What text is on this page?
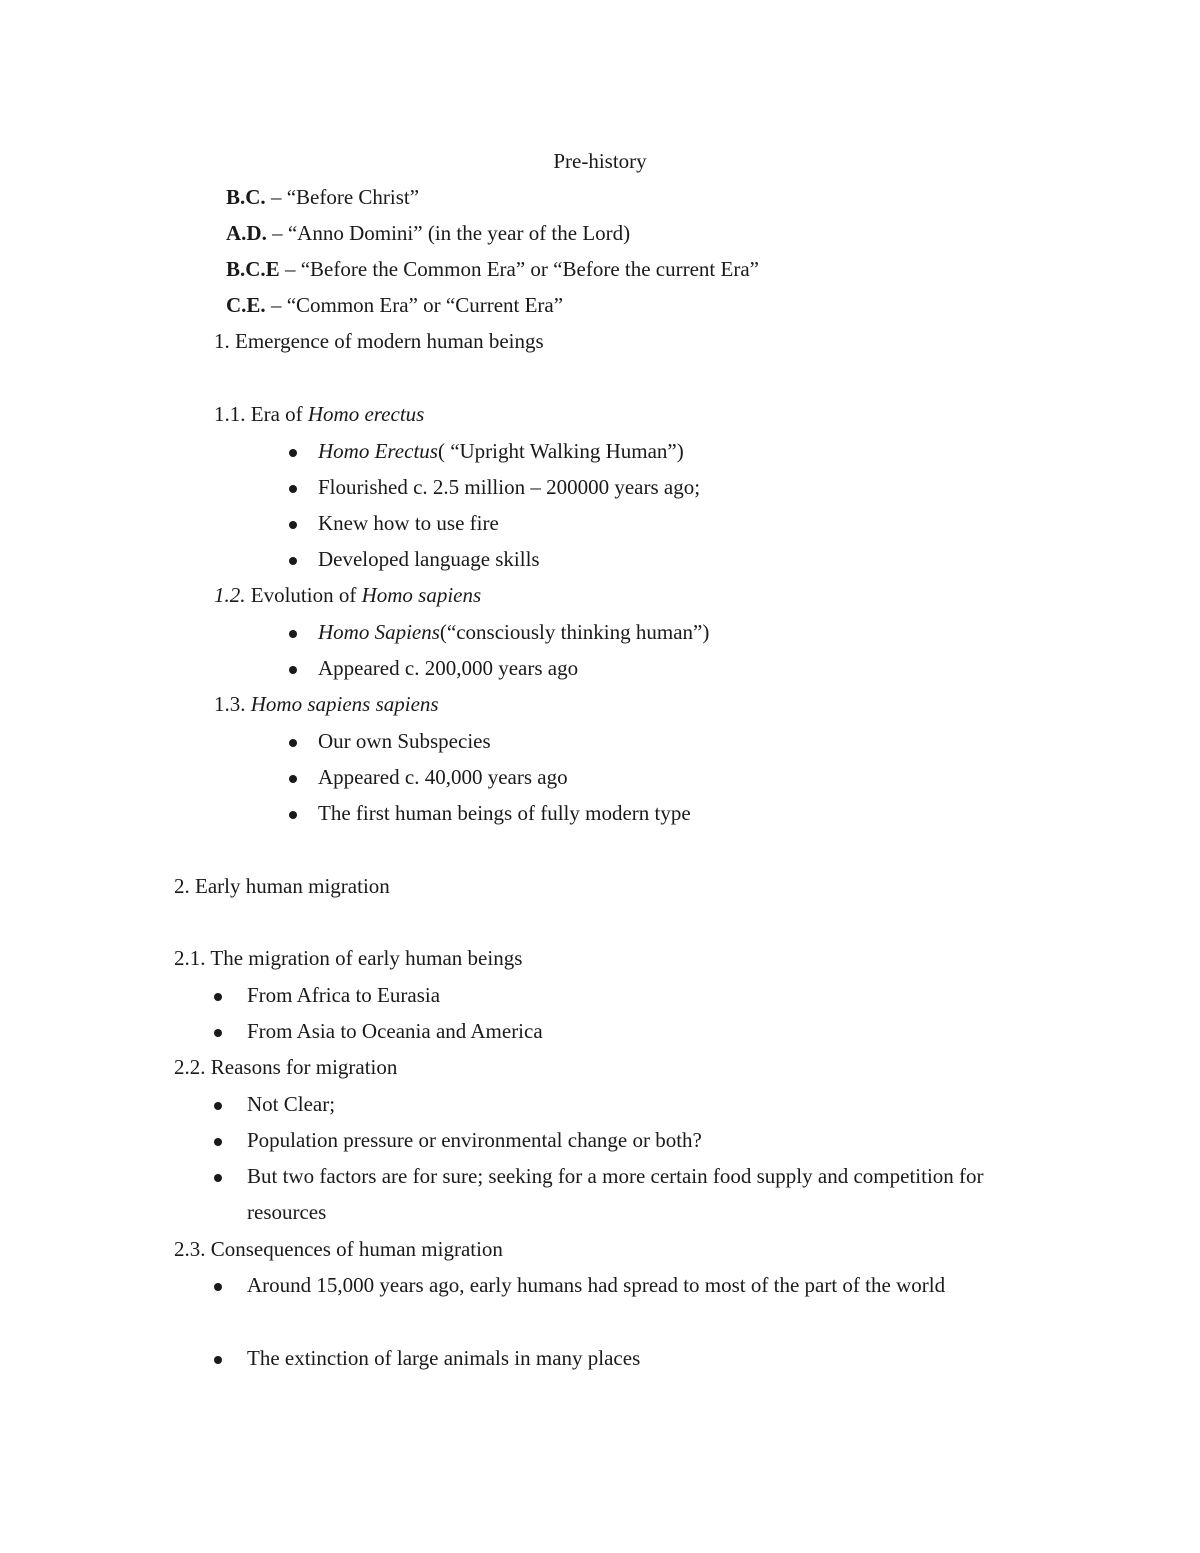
Pre-history
B.C. – “Before Christ”
A.D. – “Anno Domini” (in the year of the Lord)
B.C.E – “Before the Common Era” or “Before the current Era”
C.E. – “Common Era” or “Current Era”
1. Emergence of modern human beings
1.1. Era of Homo erectus
Homo Erectus( “Upright Walking Human”)
Flourished c. 2.5 million – 200000 years ago;
Knew how to use fire
Developed language skills
1.2. Evolution of Homo sapiens
Homo Sapiens(“consciously thinking human”)
Appeared c. 200,000 years ago
1.3. Homo sapiens sapiens
Our own Subspecies
Appeared c. 40,000 years ago
The first human beings of fully modern type
2. Early human migration
2.1. The migration of early human beings
From Africa to Eurasia
From Asia to Oceania and America
2.2. Reasons for migration
Not Clear;
Population pressure or environmental change or both?
But two factors are for sure; seeking for a more certain food supply and competition for resources
2.3. Consequences of human migration
Around 15,000 years ago, early humans had spread to most of the part of the world
The extinction of large animals in many places
